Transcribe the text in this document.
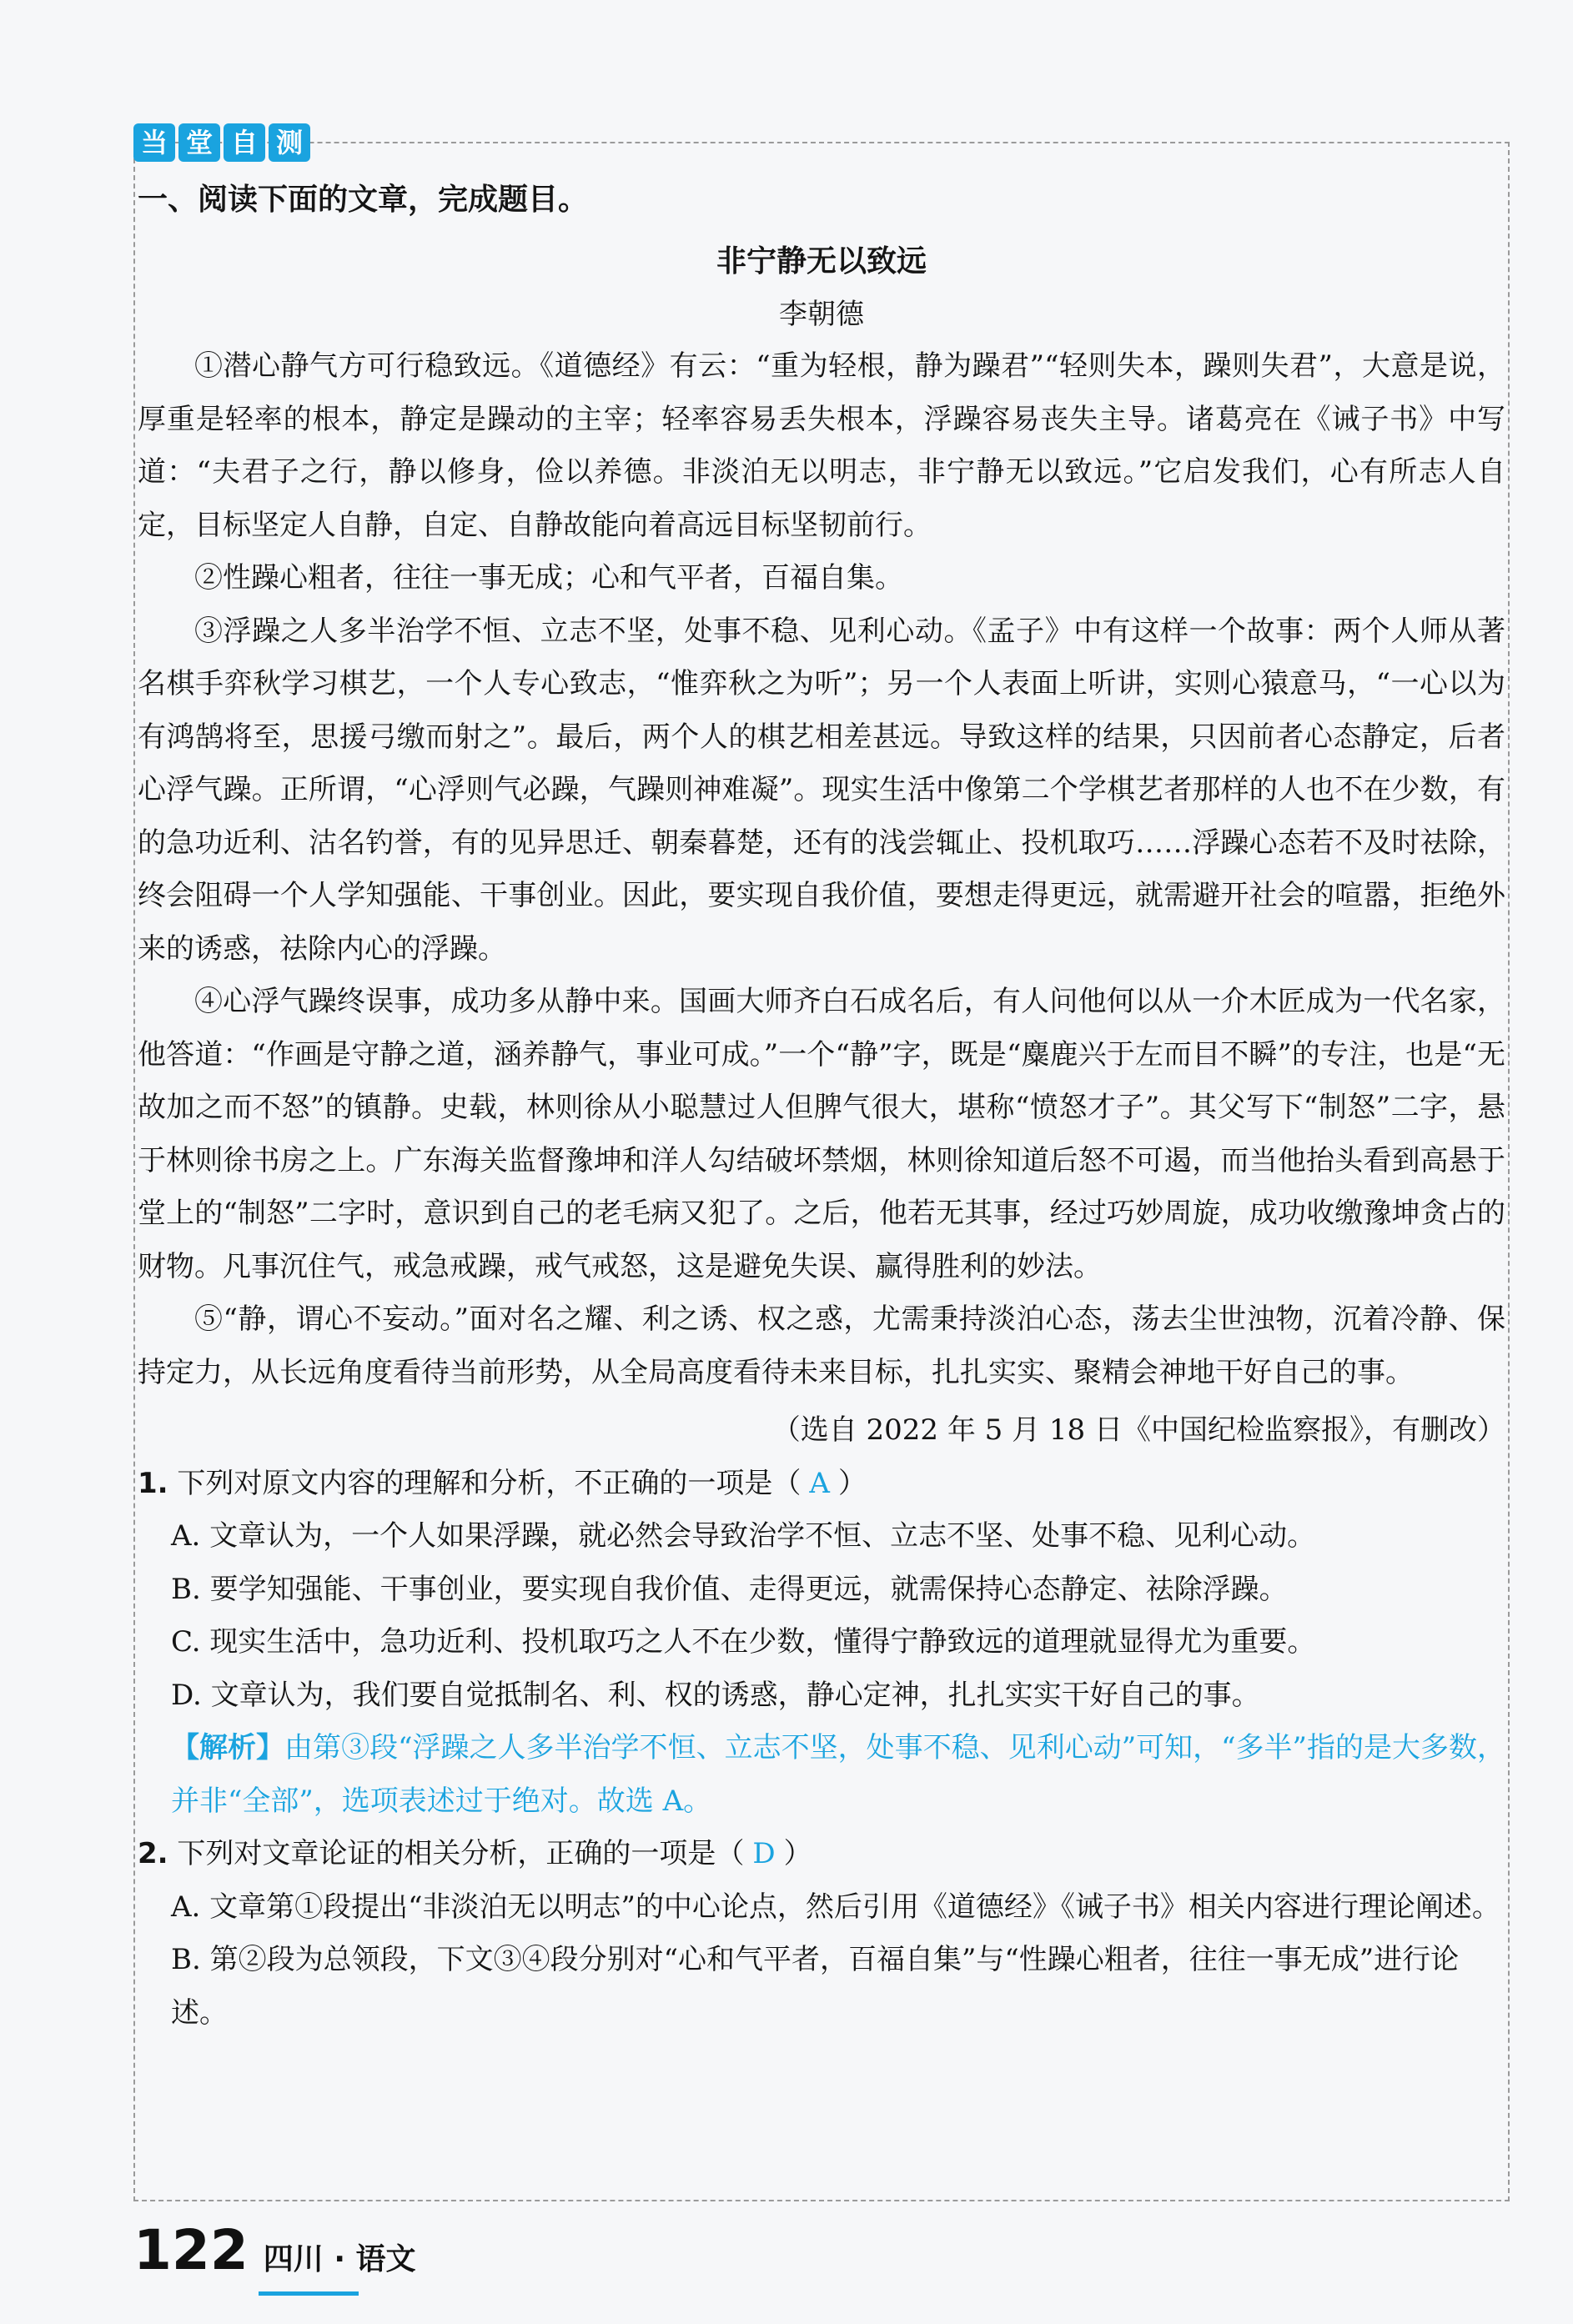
当 堂 自 测

一、阅读下面的文章，完成题目。

非宁静无以致远

李朝德

①潜心静气方可行稳致远。《道德经》有云：“重为轻根，静为躁君”“轻则失本，躁则失君”，大意是说，厚重是轻率的根本，静定是躁动的主宰；轻率容易丢失根本，浮躁容易丧失主导。诸葛亮在《诫子书》中写道：“夫君子之行，静以修身，俭以养德。非淡泊无以明志，非宁静无以致远。”它启发我们，心有所志人自定，目标坚定人自静，自定、自静故能向着高远目标坚韧前行。

②性躁心粗者，往往一事无成；心和气平者，百福自集。

③浮躁之人多半治学不恒、立志不坚，处事不稳、见利心动。《孟子》中有这样一个故事：两个人师从著名棋手弈秋学习棋艺，一个人专心致志，“惟弈秋之为听”；另一个人表面上听讲，实则心猿意马，“一心以为有鸿鹄将至，思援弓缴而射之”。最后，两个人的棋艺相差甚远。导致这样的结果，只因前者心态静定，后者心浮气躁。正所谓，“心浮则气必躁，气躁则神难凝”。现实生活中像第二个学棋艺者那样的人也不在少数，有的急功近利、沽名钓誉，有的见异思迁、朝秦暮楚，还有的浅尝辄止、投机取巧……浮躁心态若不及时祛除，终会阻碍一个人学知强能、干事创业。因此，要实现自我价值，要想走得更远，就需避开社会的喧嚣，拒绝外来的诱惑，祛除内心的浮躁。

④心浮气躁终误事，成功多从静中来。国画大师齐白石成名后，有人问他何以从一介木匠成为一代名家，他答道：“作画是守静之道，涵养静气，事业可成。”一个“静”字，既是“麋鹿兴于左而目不瞬”的专注，也是“无故加之而不怒”的镇静。史载，林则徐从小聪慧过人但脾气很大，堪称“愤怒才子”。其父写下“制怒”二字，悬于林则徐书房之上。广东海关监督豫坤和洋人勾结破坏禁烟，林则徐知道后怒不可遏，而当他抬头看到高悬于堂上的“制怒”二字时，意识到自己的老毛病又犯了。之后，他若无其事，经过巧妙周旋，成功收缴豫坤贪占的财物。凡事沉住气，戒急戒躁，戒气戒怒，这是避免失误、赢得胜利的妙法。

⑤“静，谓心不妄动。”面对名之耀、利之诱、权之惑，尤需秉持淡泊心态，荡去尘世浊物，沉着冷静、保持定力，从长远角度看待当前形势，从全局高度看待未来目标，扎扎实实、聚精会神地干好自己的事。

（选自 2022 年 5 月 18 日《中国纪检监察报》，有删改）

1. 下列对原文内容的理解和分析，不正确的一项是（ A ）

A. 文章认为，一个人如果浮躁，就必然会导致治学不恒、立志不坚、处事不稳、见利心动。

B. 要学知强能、干事创业，要实现自我价值、走得更远，就需保持心态静定、祛除浮躁。

C. 现实生活中，急功近利、投机取巧之人不在少数，懂得宁静致远的道理就显得尤为重要。

D. 文章认为，我们要自觉抵制名、利、权的诱惑，静心定神，扎扎实实干好自己的事。

【解析】由第③段“浮躁之人多半治学不恒、立志不坚，处事不稳、见利心动”可知，“多半”指的是大多数，并非“全部”，选项表述过于绝对。故选 A。

2. 下列对文章论证的相关分析，正确的一项是（ D ）

A. 文章第①段提出“非淡泊无以明志”的中心论点，然后引用《道德经》《诫子书》相关内容进行理论阐述。

B. 第②段为总领段，下文③④段分别对“心和气平者，百福自集”与“性躁心粗者，往往一事无成”进行论述。

122 四川 · 语文
